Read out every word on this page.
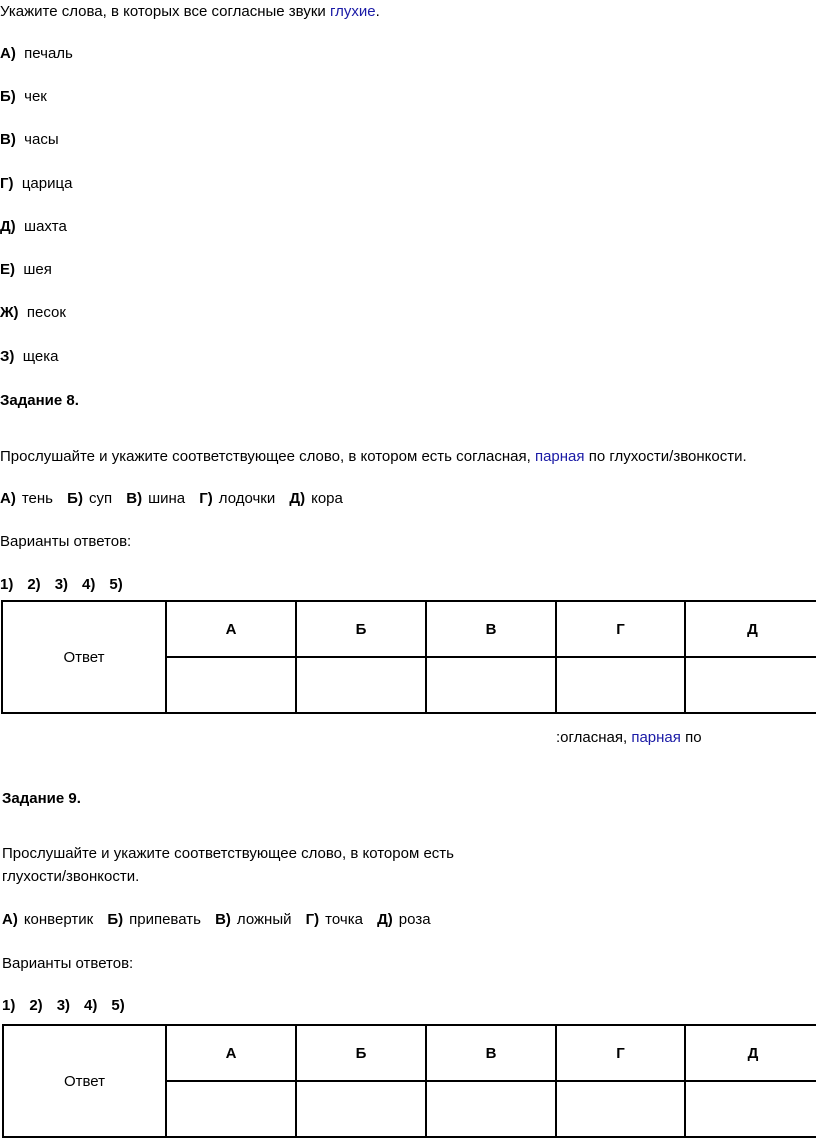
Укажите слова, в которых все согласные звуки глухие.
А) печаль
Б) чек
В) часы
Г) царица
Д) шахта
Е) шея
Ж) песок
З) щека
Задание 8.
Прослушайте и укажите соответствующее слово, в котором есть согласная, парная по глухости/звонкости.
А) тень Б) суп В) шина Г) лодочки Д) кора
Варианты ответов:
1) 2) 3) 4) 5)
Ответ	А	Б	В	Г	Д

:огласная, парная по
Задание 9.
Прослушайте и укажите соответствующее слово, в котором есть
глухости/звонкости.
А) конвертик Б) припевать В) ложный Г) точка Д) роза
Варианты ответов:
1) 2) 3) 4) 5)
Ответ	А	Б	В	Г	Д
